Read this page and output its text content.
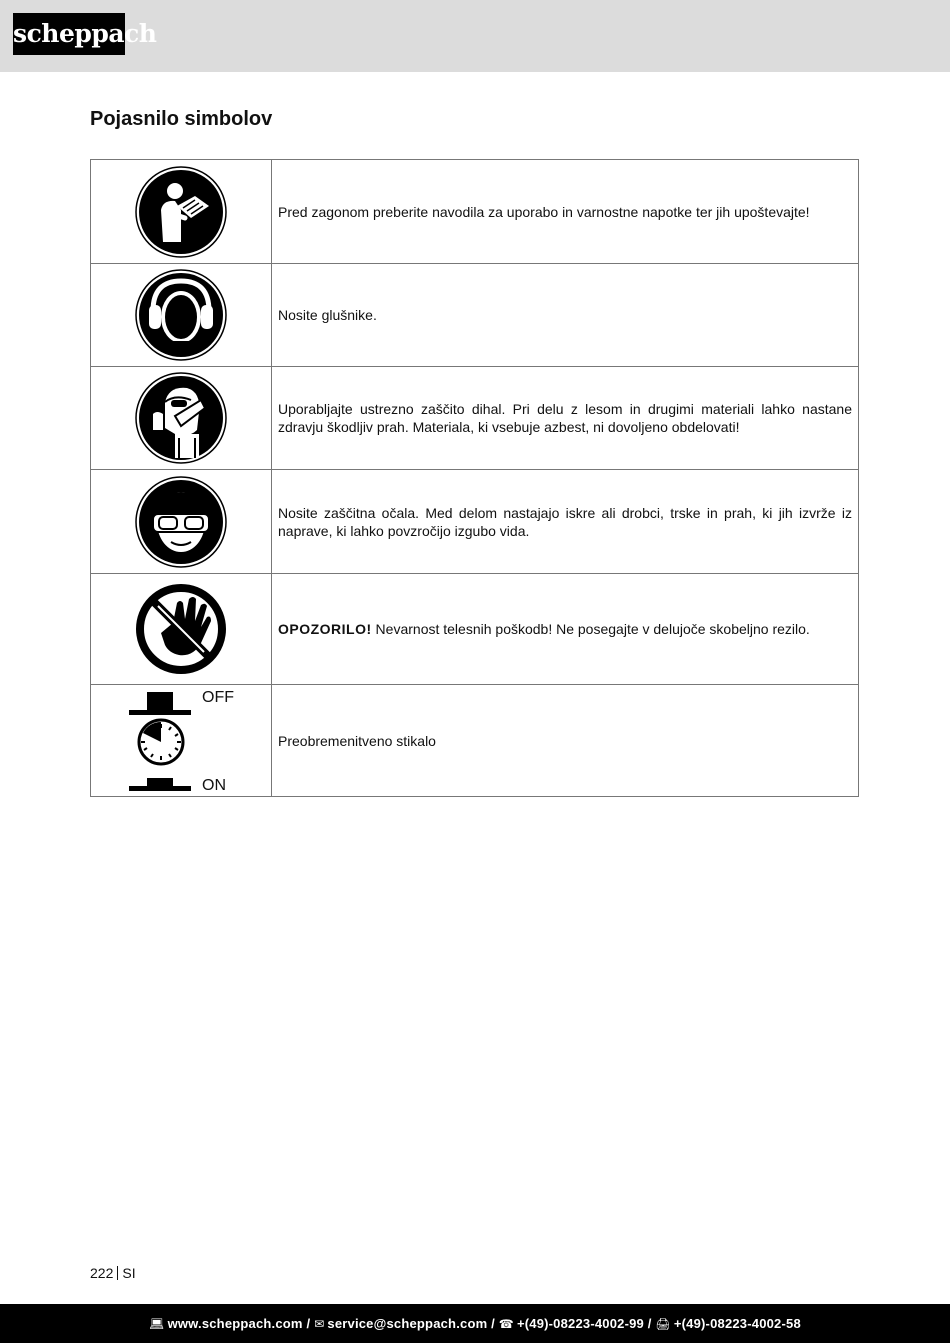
scheppach
Pojasnilo simbolov
	Pred zagonom preberite navodila za uporabo in varnostne napotke ter jih upoštevajte!

	Nosite glušnike.

	Uporabljajte ustrezno zaščito dihal. Pri delu z lesom in drugimi materiali lahko nastane zdravju škodljiv prah. Materiala, ki vsebuje azbest, ni dovoljeno obdelovati!

	Nosite zaščitna očala. Med delom nastajajo iskre ali drobci, trske in prah, ki jih izvrže iz naprave, ki lahko povzročijo izgubo vida.

	OPOZORILO! Nevarnost telesnih poškodb! Ne posegajte v delujoče skobeljno rezilo.

OFF
ON	Preobremenitveno stikalo
222 SI
💻︎ www.scheppach.com / ✉︎ service@scheppach.com / ☎︎ +(49)-08223-4002-99 / 🖨︎ +(49)-08223-4002-58
